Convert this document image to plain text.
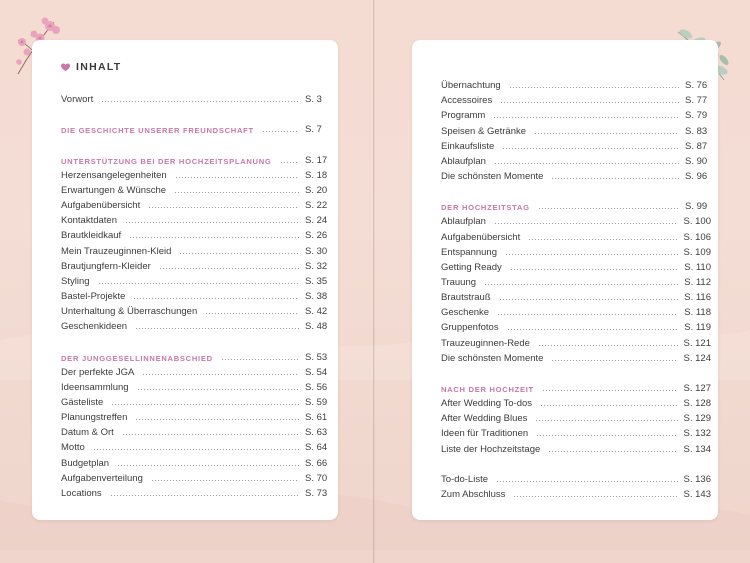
INHALT
Vorwort	S. 3
DIE GESCHICHTE UNSERER FREUNDSCHAFT	S. 7
UNTERSTÜTZUNG BEI DER HOCHZEITSPLANUNG	S. 17
Herzensangelegenheiten	S. 18
Erwartungen & Wünsche	S. 20
Aufgabenübersicht	S. 22
Kontaktdaten	S. 24
Brautkleidkauf	S. 26
Mein Trauzeuginnen-Kleid	S. 30
Brautjungfern-Kleider	S. 32
Styling	S. 35
Bastel-Projekte	S. 38
Unterhaltung & Überraschungen	S. 42
Geschenkideen	S. 48
DER JUNGGESELLINNENABSCHIED	S. 53
Der perfekte JGA	S. 54
Ideensammlung	S. 56
Gästeliste	S. 59
Planungstreffen	S. 61
Datum & Ort	S. 63
Motto	S. 64
Budgetplan	S. 66
Aufgabenverteilung	S. 70
Locations	S. 73
Übernachtung	S. 76
Accessoires	S. 77
Programm	S. 79
Speisen & Getränke	S. 83
Einkaufsliste	S. 87
Ablaufplan	S. 90
Die schönsten Momente	S. 96
DER HOCHZEITSTAG	S. 99
Ablaufplan	S. 100
Aufgabenübersicht	S. 106
Entspannung	S. 109
Getting Ready	S. 110
Trauung	S. 112
Brautstrauß	S. 116
Geschenke	S. 118
Gruppenfotos	S. 119
Trauzeuginnen-Rede	S. 121
Die schönsten Momente	S. 124
NACH DER HOCHZEIT	S. 127
After Wedding To-dos	S. 128
After Wedding Blues	S. 129
Ideen für Traditionen	S. 132
Liste der Hochzeitstage	S. 134
To-do-Liste	S. 136
Zum Abschluss	S. 143
